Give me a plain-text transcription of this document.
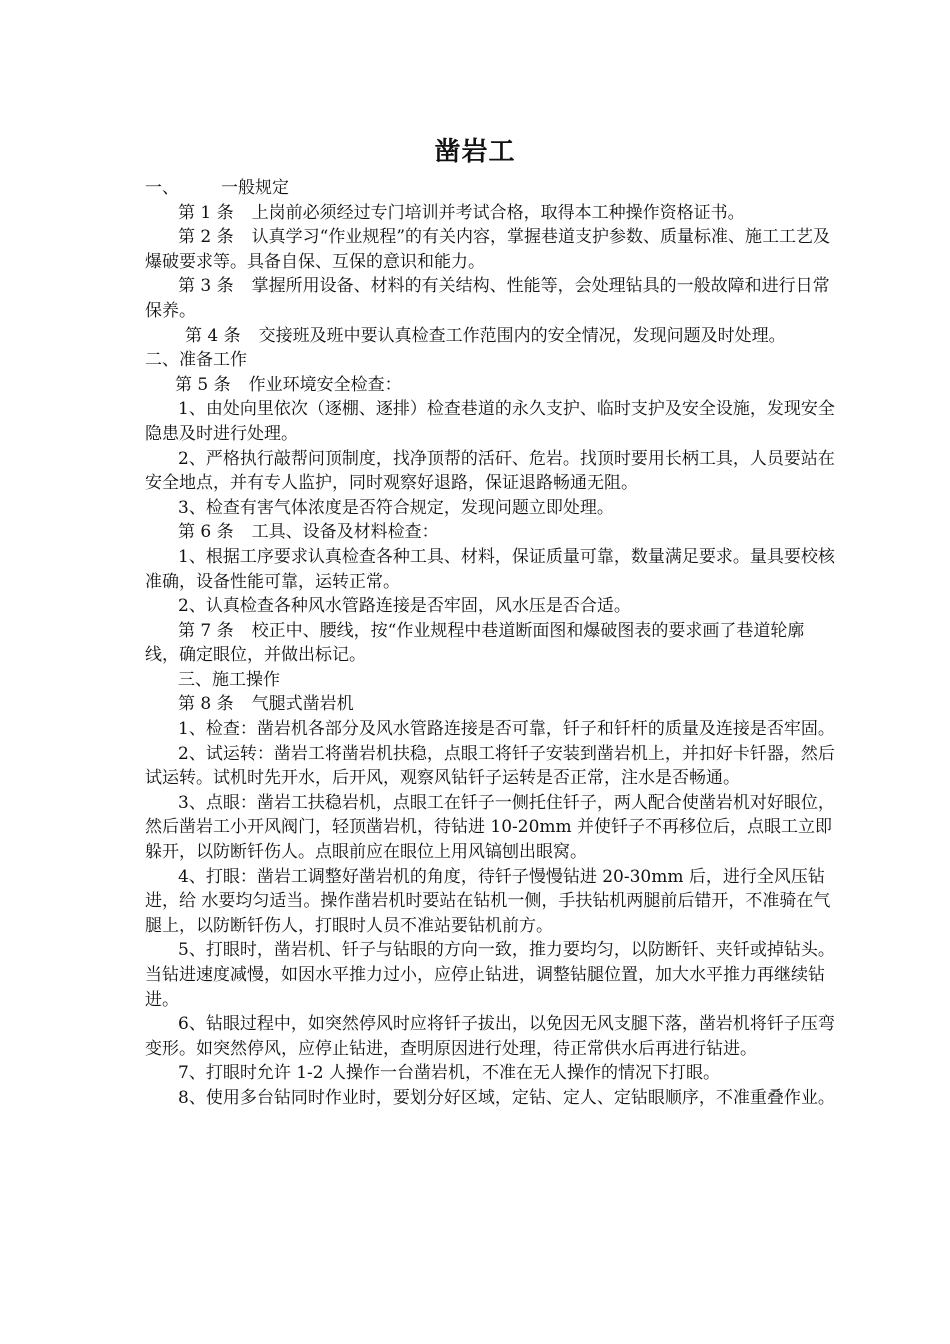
凿岩工

一、 一般规定

第 1 条 上岗前必须经过专门培训并考试合格，取得本工种操作资格证书。

第 2 条 认真学习“作业规程”的有关内容，掌握巷道支护参数、质量标准、施工工艺及爆破要求等。具备自保、互保的意识和能力。

第 3 条 掌握所用设备、材料的有关结构、性能等，会处理钻具的一般故障和进行日常保养。

第 4 条 交接班及班中要认真检查工作范围内的安全情况，发现问题及时处理。

二、准备工作

第 5 条 作业环境安全检查：

1、由处向里依次（逐棚、逐排）检查巷道的永久支护、临时支护及安全设施，发现安全隐患及时进行处理。

2、严格执行敲帮问顶制度，找净顶帮的活矸、危岩。找顶时要用长柄工具，人员要站在安全地点，并有专人监护，同时观察好退路，保证退路畅通无阻。

3、检查有害气体浓度是否符合规定，发现问题立即处理。

第 6 条 工具、设备及材料检查：

1、根据工序要求认真检查各种工具、材料，保证质量可靠，数量满足要求。量具要校核准确，设备性能可靠，运转正常。

2、认真检查各种风水管路连接是否牢固，风水压是否合适。

第 7 条 校正中、腰线，按“作业规程中巷道断面图和爆破图表的要求画了巷道轮廓线，确定眼位，并做出标记。

三、施工操作

第 8 条 气腿式凿岩机

1、检查：凿岩机各部分及风水管路连接是否可靠，钎子和钎杆的质量及连接是否牢固。

2、试运转：凿岩工将凿岩机扶稳，点眼工将钎子安装到凿岩机上，并扣好卡钎器，然后试运转。试机时先开水，后开风，观察风钻钎子运转是否正常，注水是否畅通。

3、点眼：凿岩工扶稳岩机，点眼工在钎子一侧托住钎子，两人配合使凿岩机对好眼位，然后凿岩工小开风阀门，轻顶凿岩机，待钻进 10-20mm 并使钎子不再移位后，点眼工立即躲开，以防断钎伤人。点眼前应在眼位上用风镐刨出眼窝。

4、打眼：凿岩工调整好凿岩机的角度，待钎子慢慢钻进 20-30mm 后，进行全风压钻进，给 水要均匀适当。操作凿岩机时要站在钻机一侧，手扶钻机两腿前后错开，不准骑在气腿上，以防断钎伤人，打眼时人员不准站要钻机前方。

5、打眼时，凿岩机、钎子与钻眼的方向一致，推力要均匀，以防断钎、夹钎或掉钻头。当钻进速度减慢，如因水平推力过小，应停止钻进，调整钻腿位置，加大水平推力再继续钻进。

6、钻眼过程中，如突然停风时应将钎子拔出，以免因无风支腿下落，凿岩机将钎子压弯变形。如突然停风，应停止钻进，查明原因进行处理，待正常供水后再进行钻进。

7、打眼时允许 1-2 人操作一台凿岩机，不准在无人操作的情况下打眼。

8、使用多台钻同时作业时，要划分好区域，定钻、定人、定钻眼顺序，不准重叠作业。
